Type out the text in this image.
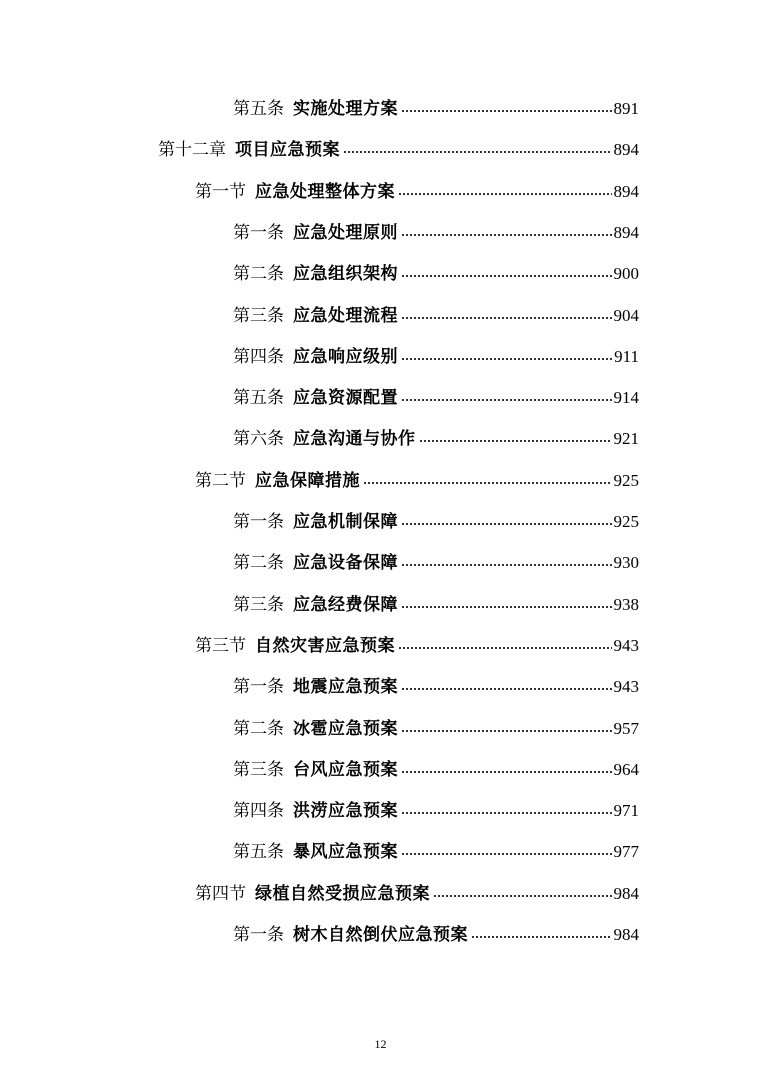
第五条 实施处理方案	891
第十二章 项目应急预案	894
第一节 应急处理整体方案	894
第一条 应急处理原则	894
第二条 应急组织架构	900
第三条 应急处理流程	904
第四条 应急响应级别	911
第五条 应急资源配置	914
第六条 应急沟通与协作	921
第二节 应急保障措施	925
第一条 应急机制保障	925
第二条 应急设备保障	930
第三条 应急经费保障	938
第三节 自然灾害应急预案	943
第一条 地震应急预案	943
第二条 冰雹应急预案	957
第三条 台风应急预案	964
第四条 洪涝应急预案	971
第五条 暴风应急预案	977
第四节 绿植自然受损应急预案	984
第一条 树木自然倒伏应急预案	984
12
